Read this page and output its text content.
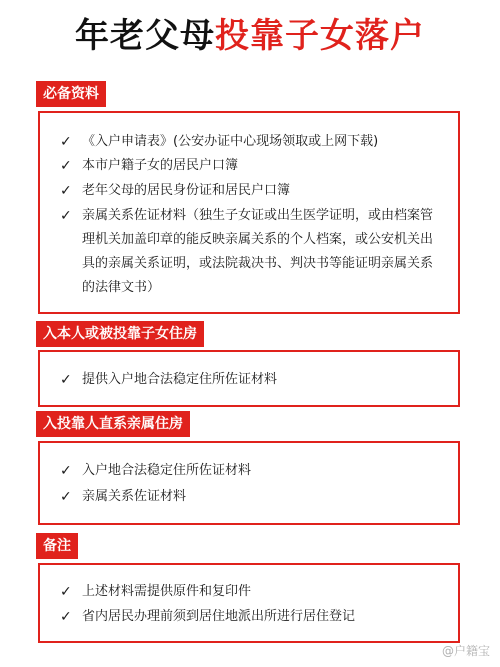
年老父母投靠子女落户
必备资料
✓ 《入户申请表》(公安办证中心现场领取或上网下载)
✓ 本市户籍子女的居民户口簿
✓ 老年父母的居民身份证和居民户口簿
✓ 亲属关系佐证材料（独生子女证或出生医学证明，或由档案管理机关加盖印章的能反映亲属关系的个人档案，或公安机关出具的亲属关系证明，或法院裁决书、判决书等能证明亲属关系的法律文书）
入本人或被投靠子女住房
✓ 提供入户地合法稳定住所佐证材料
入投靠人直系亲属住房
✓ 入户地合法稳定住所佐证材料
✓ 亲属关系佐证材料
备注
✓ 上述材料需提供原件和复印件
✓ 省内居民办理前须到居住地派出所进行居住登记
@户籍宝
